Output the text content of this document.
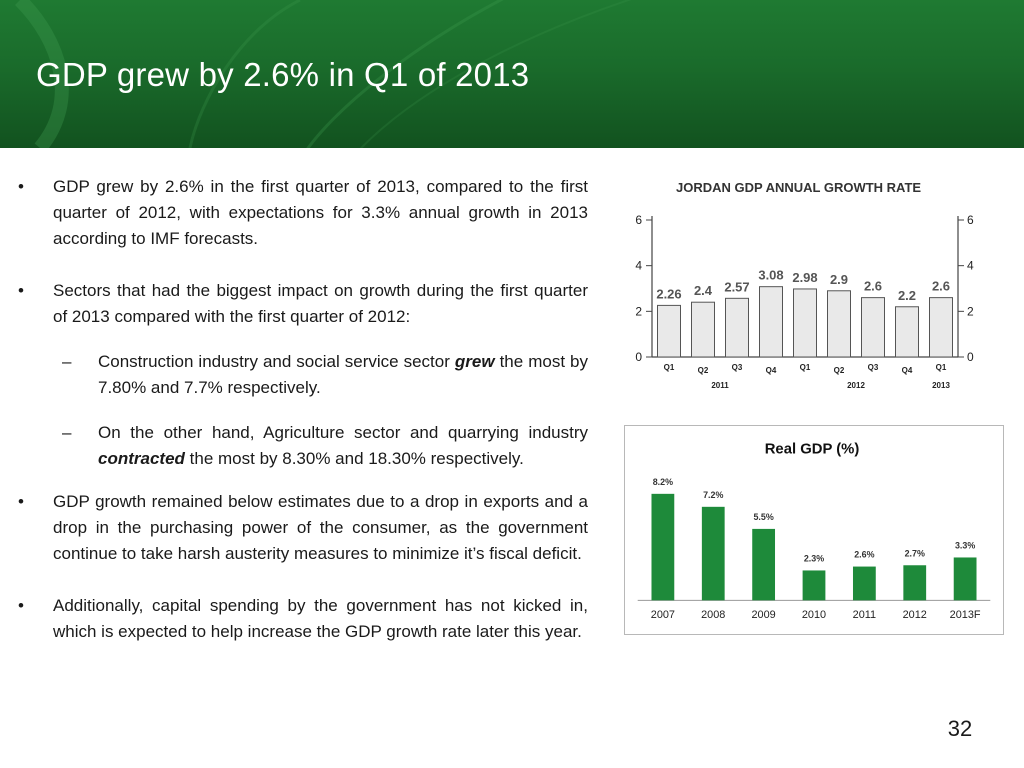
GDP grew by 2.6% in Q1 of 2013
•	GDP grew by 2.6% in the first quarter of 2013, compared to the first quarter of 2012, with expectations for 3.3% annual growth in 2013 according to IMF forecasts.
•	Sectors that had the biggest impact on growth during the first quarter of 2013 compared with the first quarter of 2012:
– Construction industry and social service sector grew the most by 7.80% and 7.7% respectively.
– On the other hand, Agriculture sector and quarrying industry contracted the most by 8.30% and 18.30% respectively.
•	GDP growth remained below estimates due to a drop in exports and a drop in the purchasing power of the consumer, as the government continue to take harsh austerity measures to minimize it’s fiscal deficit.
•	Additionally, capital spending by the government has not kicked in, which is expected to help increase the GDP growth rate later this year.
JORDAN GDP ANNUAL GROWTH RATE
0	0
2	2
4	4
6	6
2.26
Q1
2.4
Q2
2.57
Q3
3.08
Q4
2.98
Q1
2.9
Q2
2.6
Q3
2.2
Q4
2.6
Q1
2011	2012	2013
Real GDP (%)
8.2%
2007
7.2%
2008
5.5%
2009
2.3%
2010
2.6%
2011
2.7%
2012
3.3%
2013F
32
